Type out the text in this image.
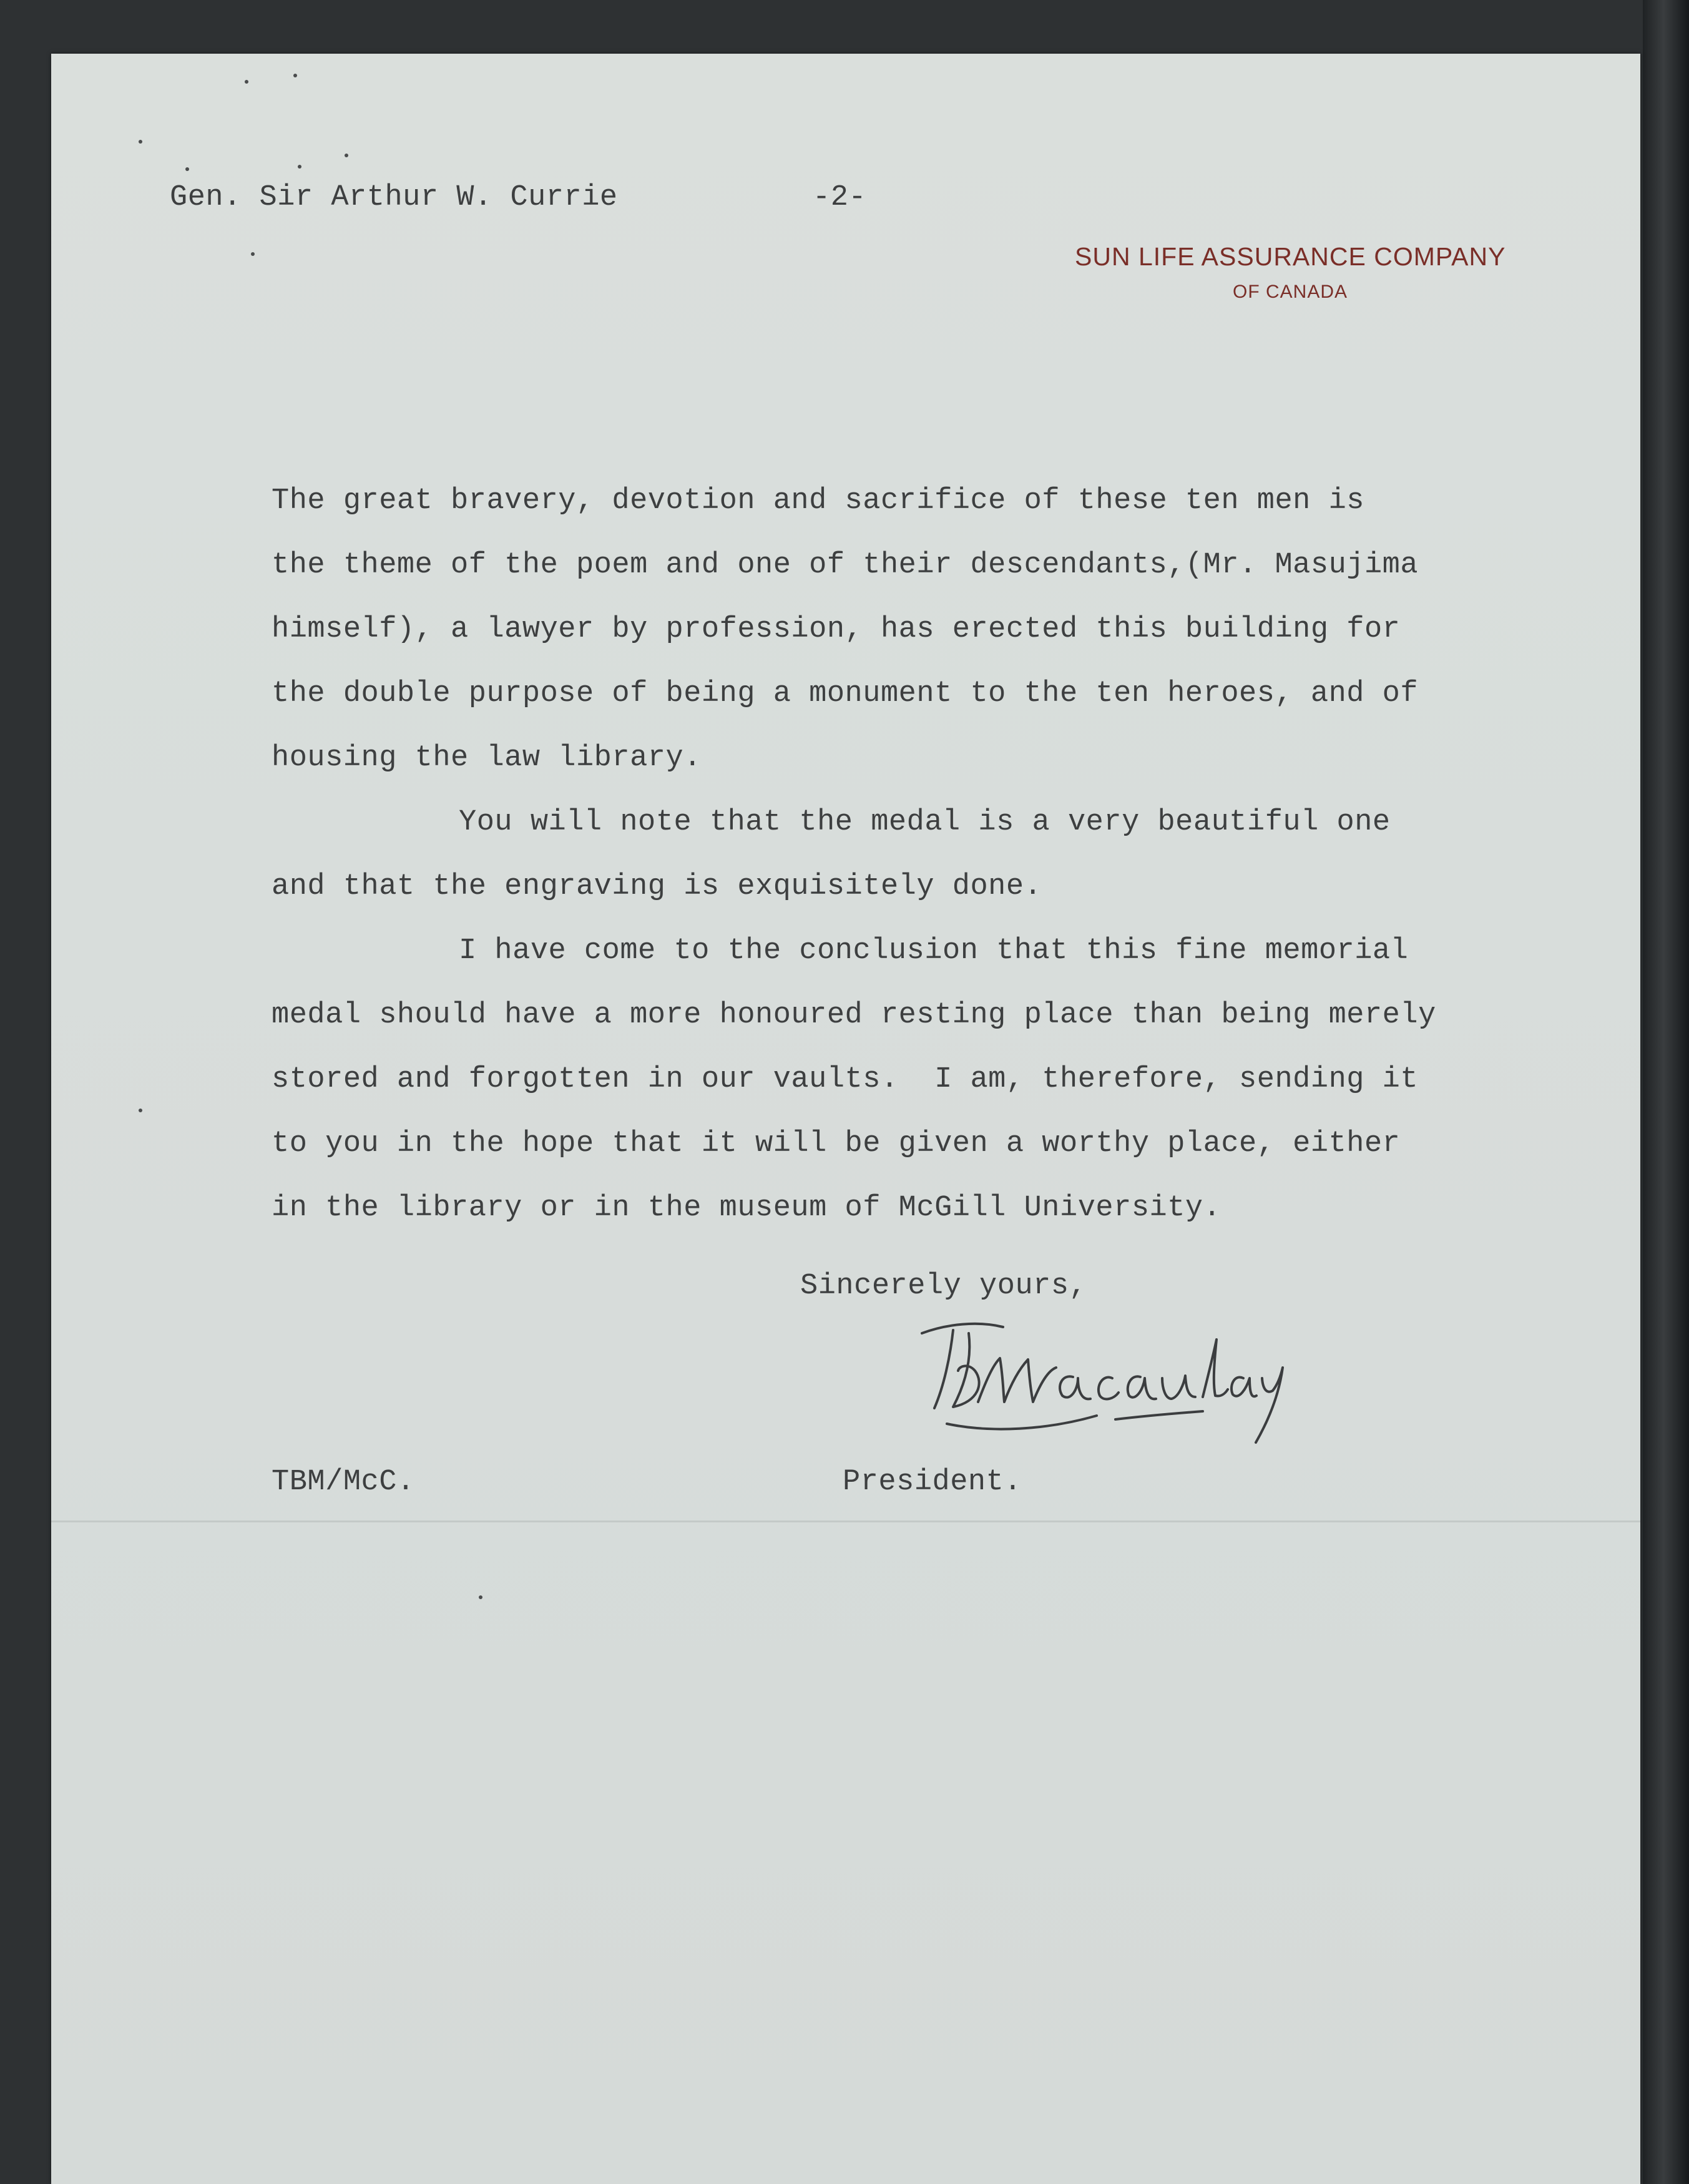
Gen. Sir Arthur W. Currie	-2-
SUN LIFE ASSURANCE COMPANY
OF CANADA
The great bravery, devotion and sacrifice of these ten men is
the theme of the poem and one of their descendants,(Mr. Masujima
himself), a lawyer by profession, has erected this building for
the double purpose of being a monument to the ten heroes, and of
housing the law library.
You will note that the medal is a very beautiful one
and that the engraving is exquisitely done.
I have come to the conclusion that this fine memorial
medal should have a more honoured resting place than being merely
stored and forgotten in our vaults.  I am, therefore, sending it
to you in the hope that it will be given a worthy place, either
in the library or in the museum of McGill University.
Sincerely yours,
TBM/McC.	President.
